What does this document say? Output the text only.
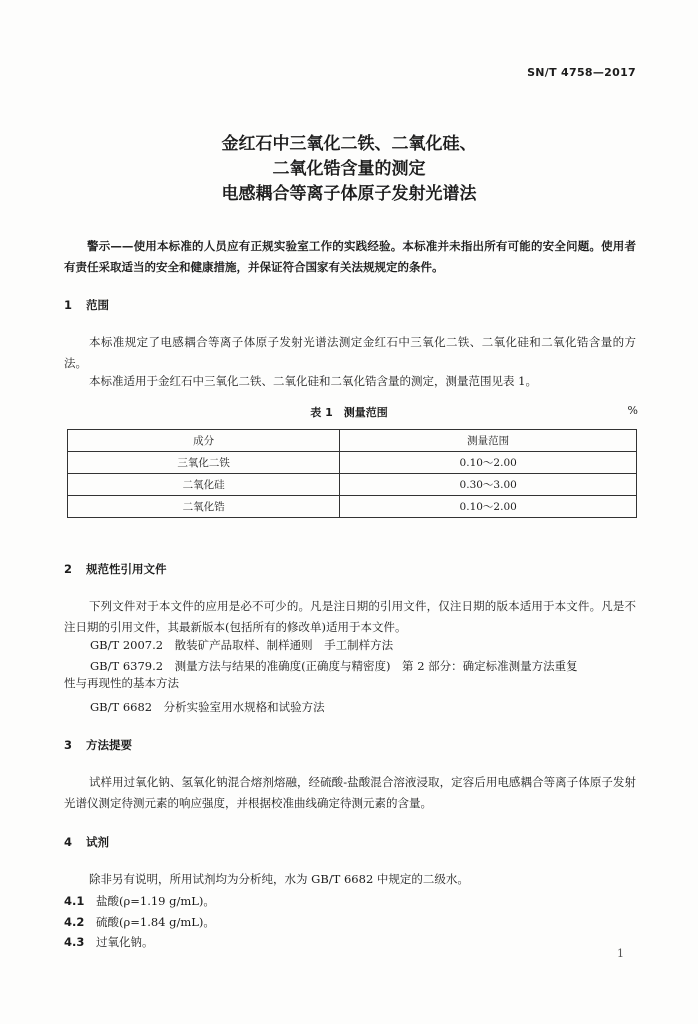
SN/T 4758—2017
金红石中三氧化二铁、二氧化硅、
二氧化锆含量的测定
电感耦合等离子体原子发射光谱法
警示——使用本标准的人员应有正规实验室工作的实践经验。本标准并未指出所有可能的安全问题。使用者有责任采取适当的安全和健康措施，并保证符合国家有关法规规定的条件。
1 范围
本标准规定了电感耦合等离子体原子发射光谱法测定金红石中三氧化二铁、二氧化硅和二氧化锆含量的方法。
本标准适用于金红石中三氧化二铁、二氧化硅和二氧化锆含量的测定，测量范围见表 1。
表 1　测量范围	%
成分	测量范围
三氧化二铁	0.10～2.00
二氧化硅	0.30～3.00
二氧化锆	0.10～2.00
2 规范性引用文件
下列文件对于本文件的应用是必不可少的。凡是注日期的引用文件，仅注日期的版本适用于本文件。凡是不注日期的引用文件，其最新版本(包括所有的修改单)适用于本文件。
GB/T 2007.2　散装矿产品取样、制样通则　手工制样方法
GB/T 6379.2　测量方法与结果的准确度(正确度与精密度)　第 2 部分：确定标准测量方法重复
性与再现性的基本方法
GB/T 6682　分析实验室用水规格和试验方法
3 方法提要
试样用过氧化钠、氢氧化钠混合熔剂熔融，经硫酸-盐酸混合溶液浸取，定容后用电感耦合等离子体原子发射光谱仪测定待测元素的响应强度，并根据校准曲线确定待测元素的含量。
4 试剂
除非另有说明，所用试剂均为分析纯，水为 GB/T 6682 中规定的二级水。
4.1 盐酸(ρ=1.19 g/mL)。
4.2 硫酸(ρ=1.84 g/mL)。
4.3 过氧化钠。
1
